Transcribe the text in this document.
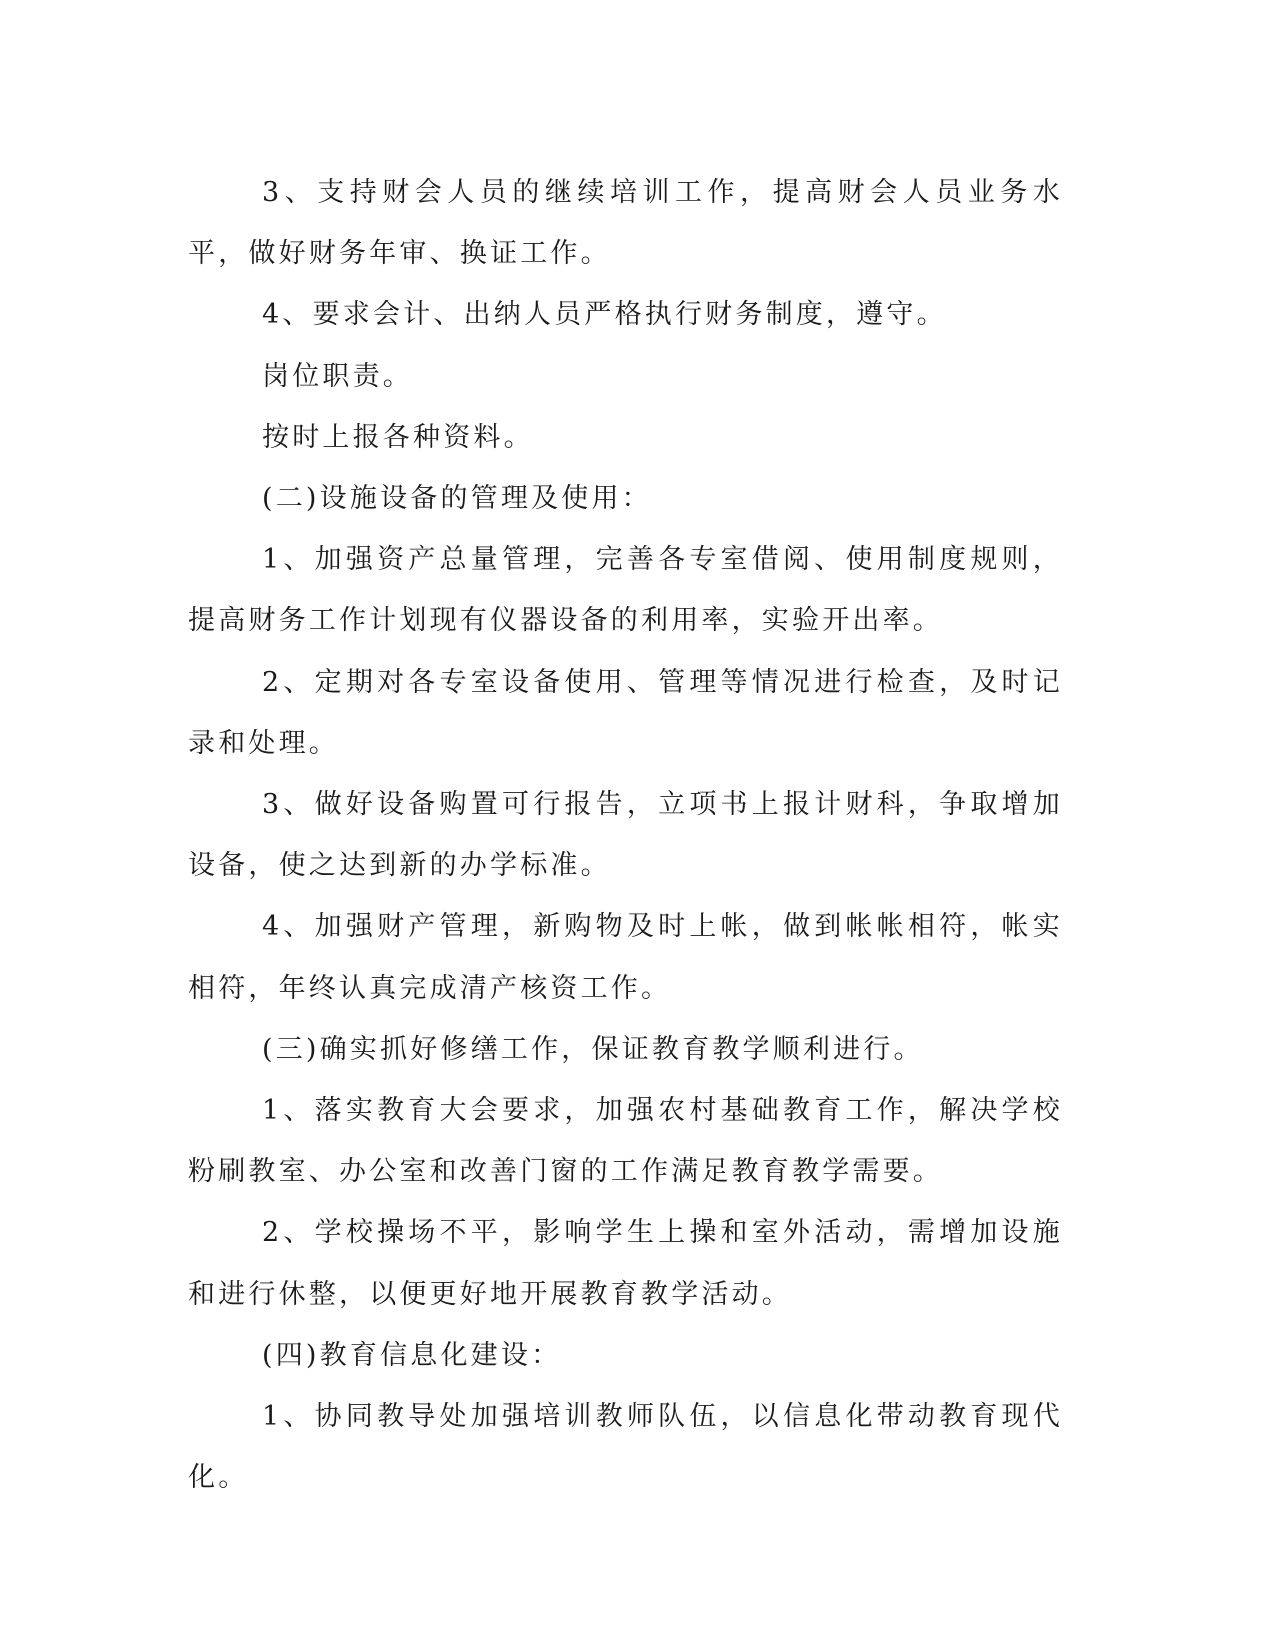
3、支持财会人员的继续培训工作，提高财会人员业务水平，做好财务年审、换证工作。

4、要求会计、出纳人员严格执行财务制度，遵守。

岗位职责。

按时上报各种资料。

(二)设施设备的管理及使用：

1、加强资产总量管理，完善各专室借阅、使用制度规则，提高财务工作计划现有仪器设备的利用率，实验开出率。

2、定期对各专室设备使用、管理等情况进行检查，及时记录和处理。

3、做好设备购置可行报告，立项书上报计财科，争取增加设备，使之达到新的办学标准。

4、加强财产管理，新购物及时上帐，做到帐帐相符，帐实相符，年终认真完成清产核资工作。

(三)确实抓好修缮工作，保证教育教学顺利进行。

1、落实教育大会要求，加强农村基础教育工作，解决学校粉刷教室、办公室和改善门窗的工作满足教育教学需要。

2、学校操场不平，影响学生上操和室外活动，需增加设施和进行休整，以便更好地开展教育教学活动。

(四)教育信息化建设：

1、协同教导处加强培训教师队伍，以信息化带动教育现代化。
